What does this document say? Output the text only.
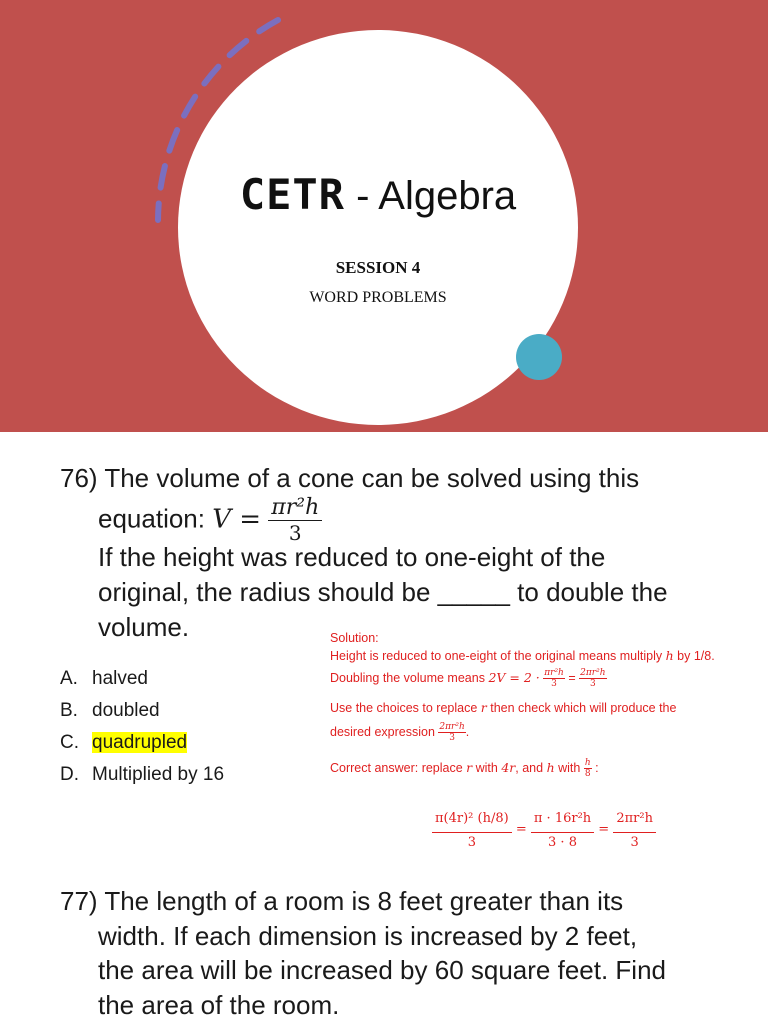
CETR - Algebra
SESSION 4
WORD PROBLEMS
76) The volume of a cone can be solved using this
equation: $V = \frac{\text{πr²h}}{3}$
If the height was reduced to one-eight of the
original, the radius should be _____ to double the
volume.
A. halved
B. doubled
C. quadrupled
D. Multiplied by 16
Solution:
Height is reduced to one-eight of the original means multiply h by 1/8.
Doubling the volume means $2V = 2 \cdot \frac{\text{πr²h}}{3} = \frac{\text{2πr²h}}{3}$
Use the choices to replace r then check which will produce the
desired expression $\frac{\text{2πr²h}}{3}$ .
Correct answer: replace r with 4r, and h with $\frac{h}{8}$ :
$\frac{\text{π(4r)² (h/8)}}{3} = \frac{\text{π · 16r²h}}{3 \cdot 8} = \frac{\text{2πr²h}}{3}$
77) The length of a room is 8 feet greater than its
width. If each dimension is increased by 2 feet,
the area will be increased by 60 square feet. Find
the area of the room.
